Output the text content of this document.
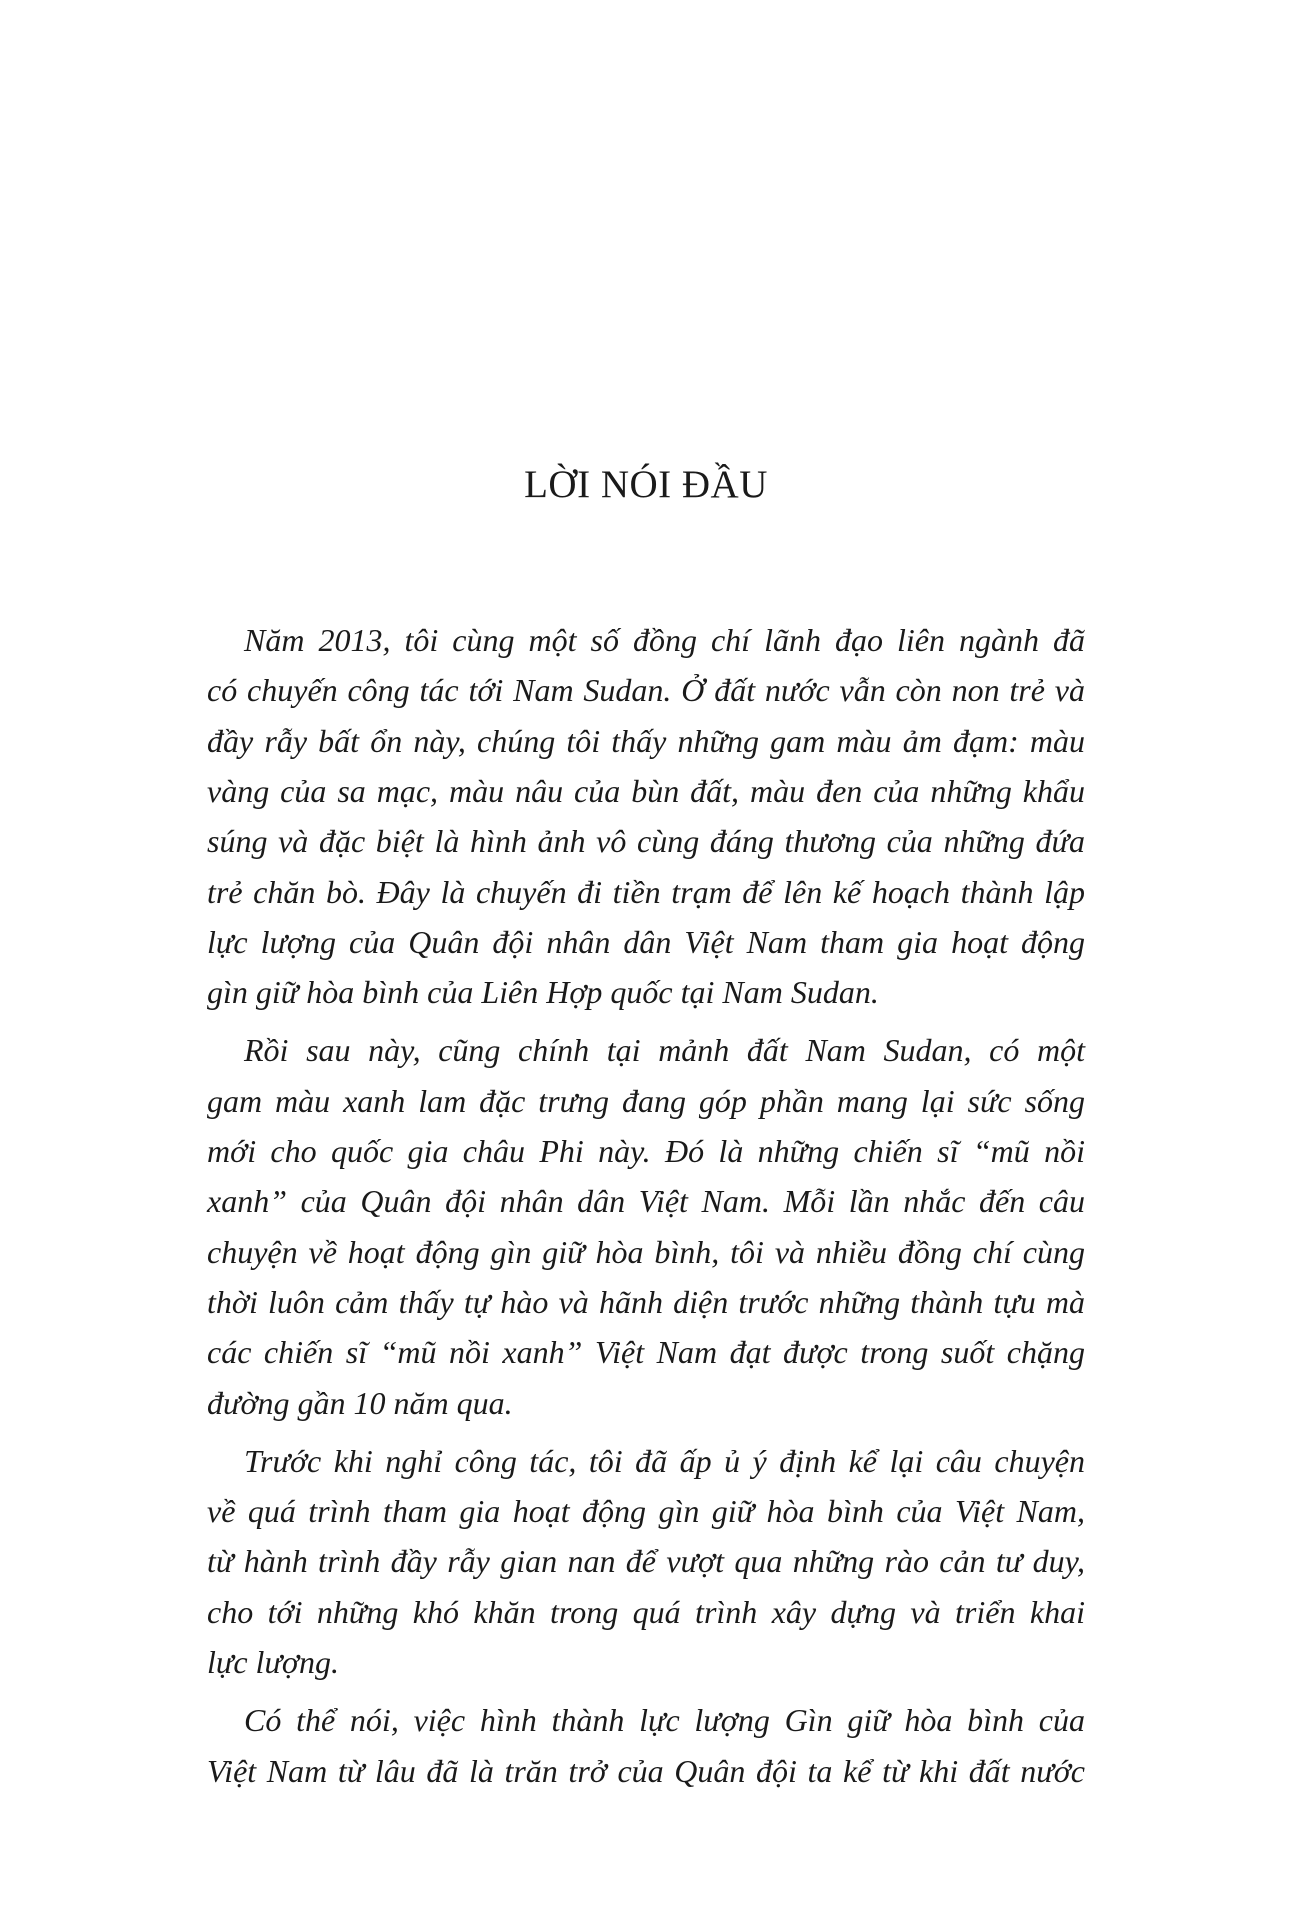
LỜI NÓI ĐẦU
Năm 2013, tôi cùng một số đồng chí lãnh đạo liên ngành đã
có chuyến công tác tới Nam Sudan. Ở đất nước vẫn còn non trẻ và
đầy rẫy bất ổn này, chúng tôi thấy những gam màu ảm đạm: màu
vàng của sa mạc, màu nâu của bùn đất, màu đen của những khẩu
súng và đặc biệt là hình ảnh vô cùng đáng thương của những đứa
trẻ chăn bò. Đây là chuyến đi tiền trạm để lên kế hoạch thành lập
lực lượng của Quân đội nhân dân Việt Nam tham gia hoạt động
gìn giữ hòa bình của Liên Hợp quốc tại Nam Sudan.
Rồi sau này, cũng chính tại mảnh đất Nam Sudan, có một
gam màu xanh lam đặc trưng đang góp phần mang lại sức sống
mới cho quốc gia châu Phi này. Đó là những chiến sĩ “mũ nồi
xanh” của Quân đội nhân dân Việt Nam. Mỗi lần nhắc đến câu
chuyện về hoạt động gìn giữ hòa bình, tôi và nhiều đồng chí cùng
thời luôn cảm thấy tự hào và hãnh diện trước những thành tựu mà
các chiến sĩ “mũ nồi xanh” Việt Nam đạt được trong suốt chặng
đường gần 10 năm qua.
Trước khi nghỉ công tác, tôi đã ấp ủ ý định kể lại câu chuyện
về quá trình tham gia hoạt động gìn giữ hòa bình của Việt Nam,
từ hành trình đầy rẫy gian nan để vượt qua những rào cản tư duy,
cho tới những khó khăn trong quá trình xây dựng và triển khai
lực lượng.
Có thể nói, việc hình thành lực lượng Gìn giữ hòa bình của
Việt Nam từ lâu đã là trăn trở của Quân đội ta kể từ khi đất nước
